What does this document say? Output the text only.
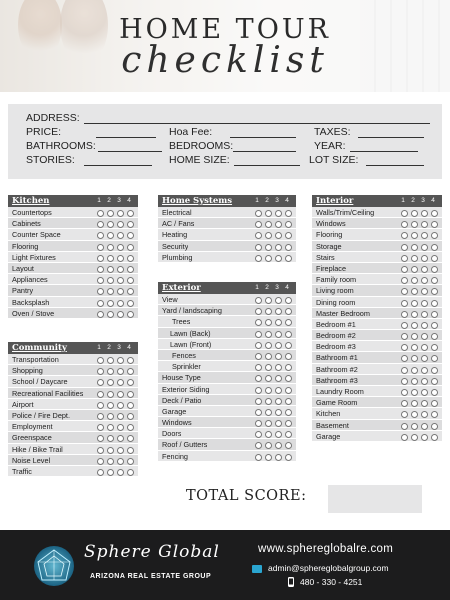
HOME TOUR
checklist
ADDRESS:
PRICE:	Hoa Fee:	TAXES:
BATHROOMS:	BEDROOMS:	YEAR:
STORIES:	HOME SIZE:	LOT SIZE:
Kitchen	1 2 3 4
Countertops
Cabinets
Counter Space
Flooring
Light Fixtures
Layout
Appliances
Pantry
Backsplash
Oven / Stove
Community	1 2 3 4
Transportation
Shopping
School / Daycare
Recreational Facilities
Airport
Police / Fire Dept.
Employment
Greenspace
Hike / Bike Trail
Noise Level
Traffic
Home Systems	1 2 3 4
Electrical
AC / Fans
Heating
Security
Plumbing
Exterior	1 2 3 4
View
Yard / landscaping
Trees
Lawn (Back)
Lawn (Front)
Fences
Sprinkler
House Type
Exterior Siding
Deck / Patio
Garage
Windows
Doors
Roof / Gutters
Fencing
Interior	1 2 3 4
Walls/Trim/Ceiling
Windows
Flooring
Storage
Stairs
Fireplace
Family room
Living room
Dining room
Master Bedroom
Bedroom #1
Bedroom #2
Bedroom #3
Bathroom #1
Bathroom #2
Bathroom #3
Laundry Room
Game Room
Kitchen
Basement
Garage
TOTAL SCORE:
Sphere Global
ARIZONA REAL ESTATE GROUP
www.sphereglobalre.com
admin@sphereglobalgroup.com
480 - 330 - 4251
